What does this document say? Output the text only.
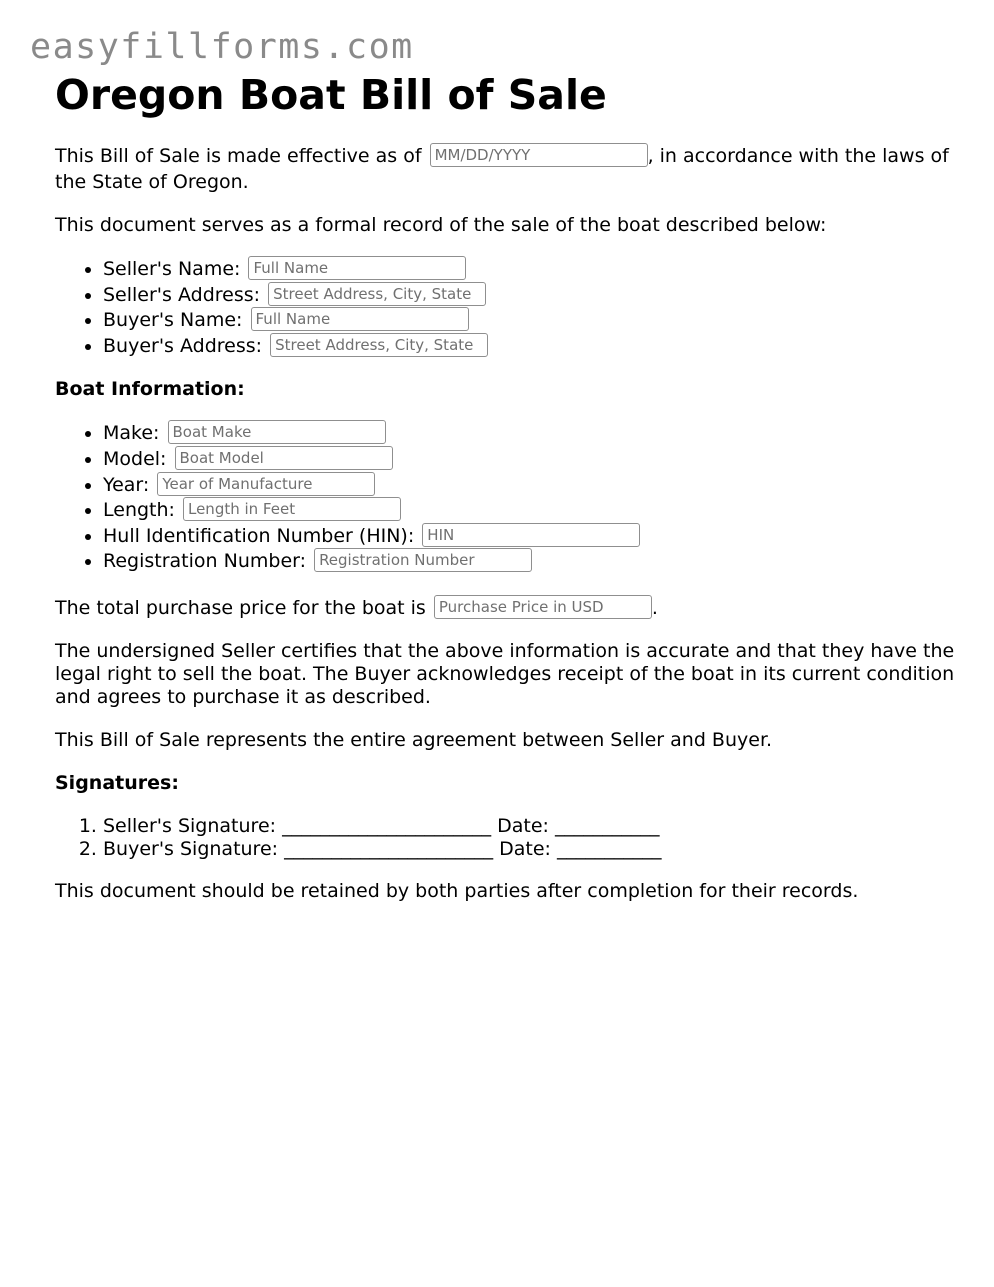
easyfillforms.com
Oregon Boat Bill of Sale

This Bill of Sale is made effective as of MM/DD/YYYY	, in accordance with the laws of the State of Oregon.

This document serves as a formal record of the sale of the boat described below:

• Seller's Name: Full Name
• Seller's Address: Street Address, City, State
• Buyer's Name: Full Name
• Buyer's Address: Street Address, City, State

Boat Information:

• Make: Boat Make
• Model: Boat Model
• Year: Year of Manufacture
• Length: Length in Feet
• Hull Identification Number (HIN): HIN
• Registration Number: Registration Number

The total purchase price for the boat is Purchase Price in USD	.

The undersigned Seller certifies that the above information is accurate and that they have the legal right to sell the boat. The Buyer acknowledges receipt of the boat in its current condition and agrees to purchase it as described.

This Bill of Sale represents the entire agreement between Seller and Buyer.

Signatures:

1. Seller's Signature: ______________________ Date: ___________
2. Buyer's Signature: ______________________ Date: ___________

This document should be retained by both parties after completion for their records.
